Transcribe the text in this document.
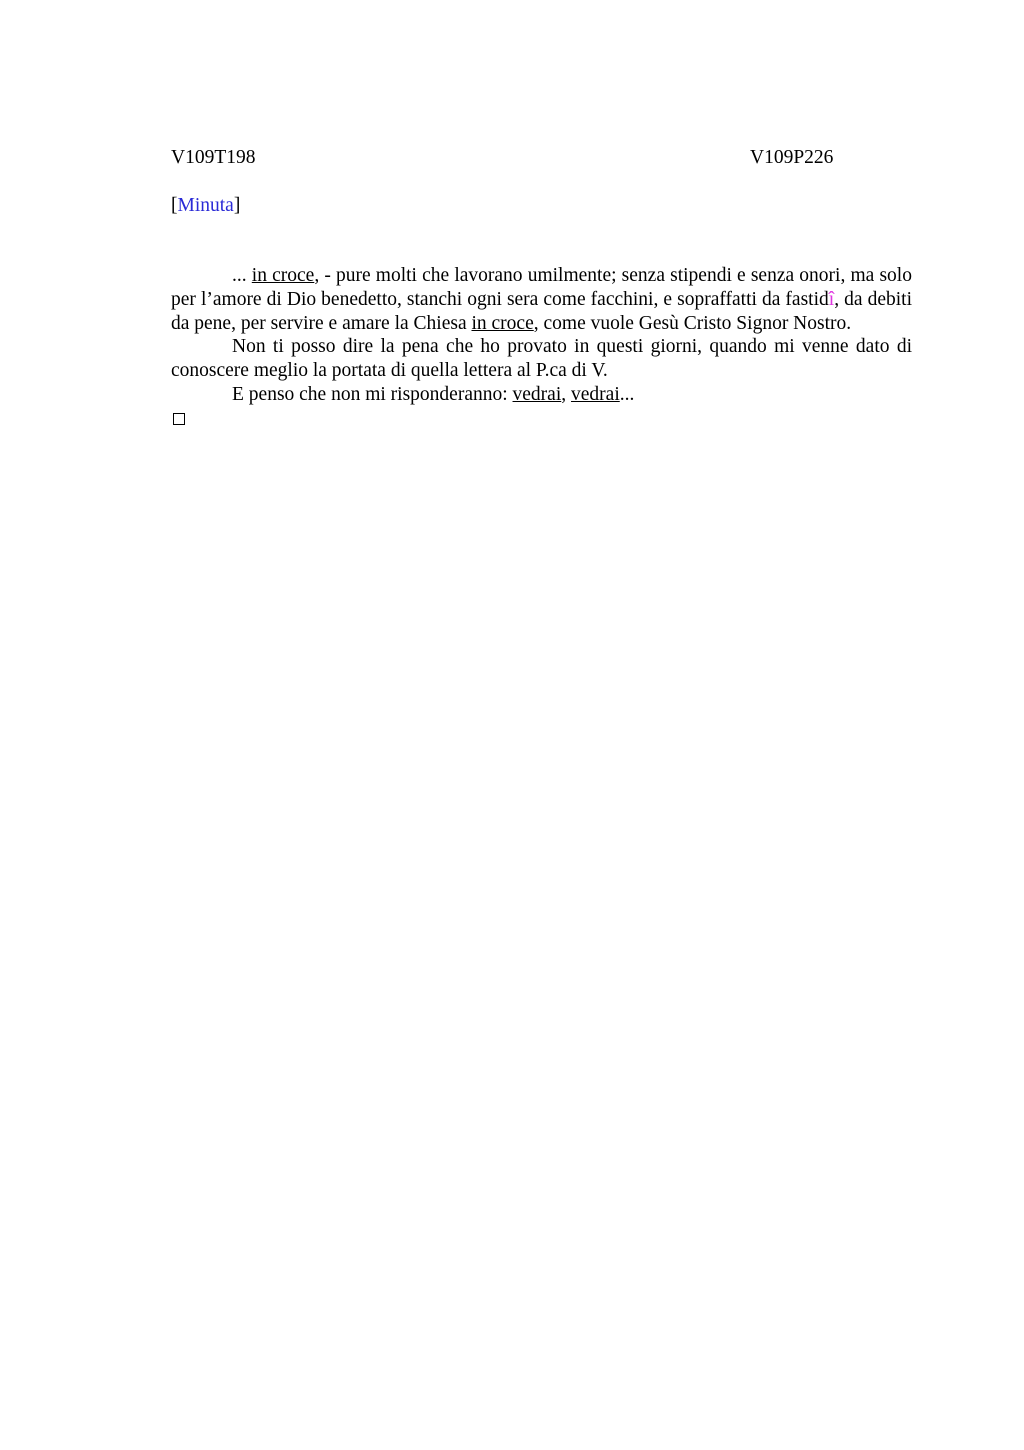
V109T198	V109P226
[Minuta]

... in croce, - pure molti che lavorano umilmente; senza stipendi e senza onori, ma solo per l’amore di Dio benedetto, stanchi ogni sera come facchini, e sopraffatti da fastidî, da debiti da pene, per servire e amare la Chiesa in croce, come vuole Gesù Cristo Signor Nostro.

Non ti posso dire la pena che ho provato in questi giorni, quando mi venne dato di conoscere meglio la portata di quella lettera al P.ca di V.

E penso che non mi risponderanno: vedrai, vedrai...
